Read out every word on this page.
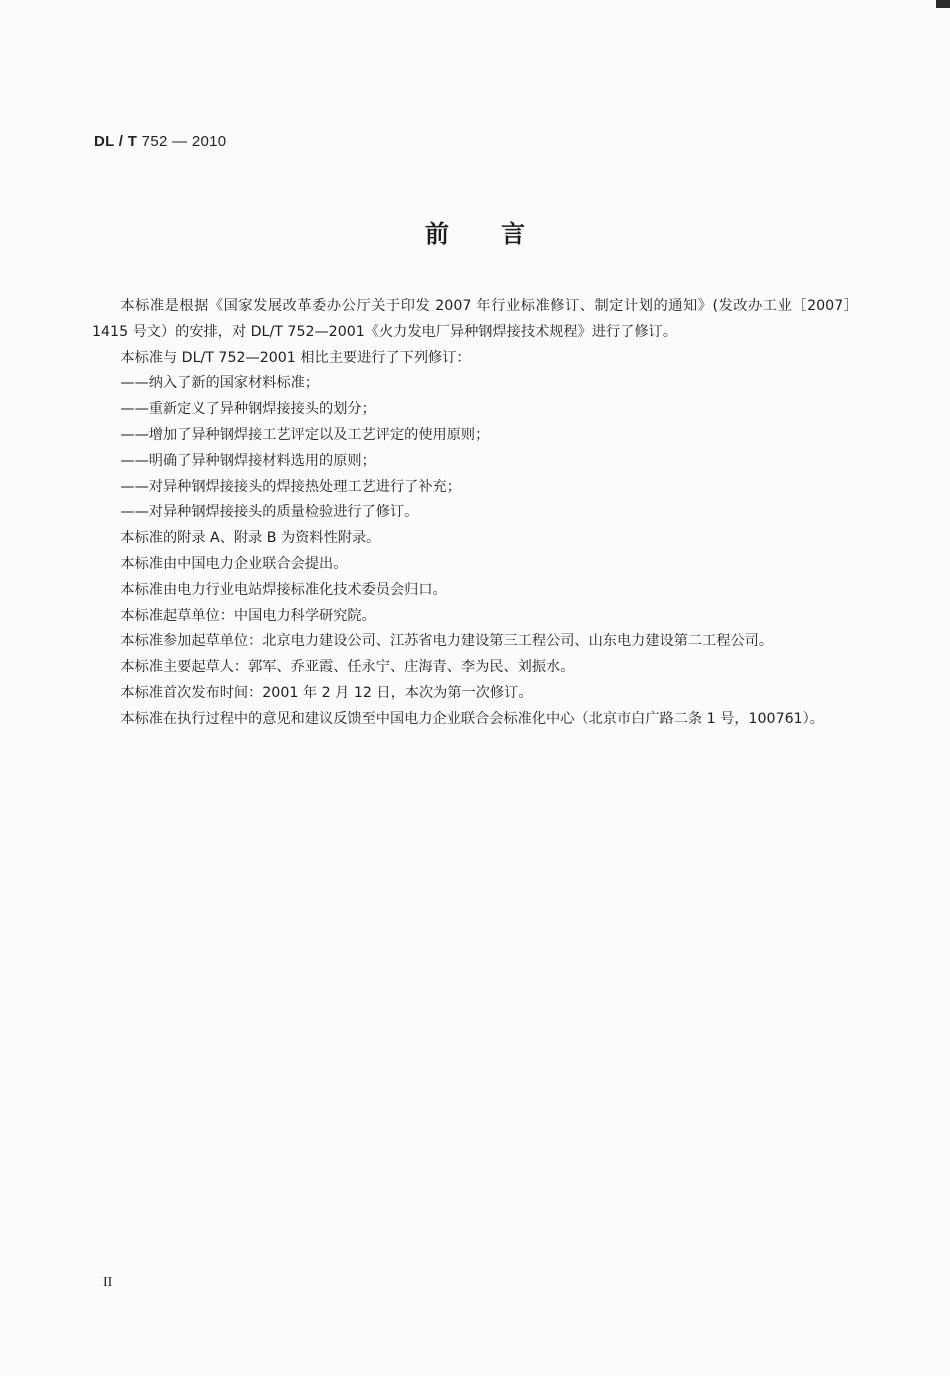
DL / T 752 — 2010
前言

本标准是根据《国家发展改革委办公厅关于印发 2007 年行业标准修订、制定计划的通知》(发改办工业［2007］1415 号文）的安排，对 DL/T 752—2001《火力发电厂异种钢焊接技术规程》进行了修订。

本标准与 DL/T 752—2001 相比主要进行了下列修订：

——纳入了新的国家材料标准；

——重新定义了异种钢焊接接头的划分；

——增加了异种钢焊接工艺评定以及工艺评定的使用原则；

——明确了异种钢焊接材料选用的原则；

——对异种钢焊接接头的焊接热处理工艺进行了补充；

——对异种钢焊接接头的质量检验进行了修订。

本标准的附录 A、附录 B 为资料性附录。

本标准由中国电力企业联合会提出。

本标准由电力行业电站焊接标准化技术委员会归口。

本标准起草单位：中国电力科学研究院。

本标准参加起草单位：北京电力建设公司、江苏省电力建设第三工程公司、山东电力建设第二工程公司。

本标准主要起草人：郭军、乔亚霞、任永宁、庄海青、李为民、刘振水。

本标准首次发布时间：2001 年 2 月 12 日，本次为第一次修订。

本标准在执行过程中的意见和建议反馈至中国电力企业联合会标准化中心（北京市白广路二条 1 号，100761）。

II
